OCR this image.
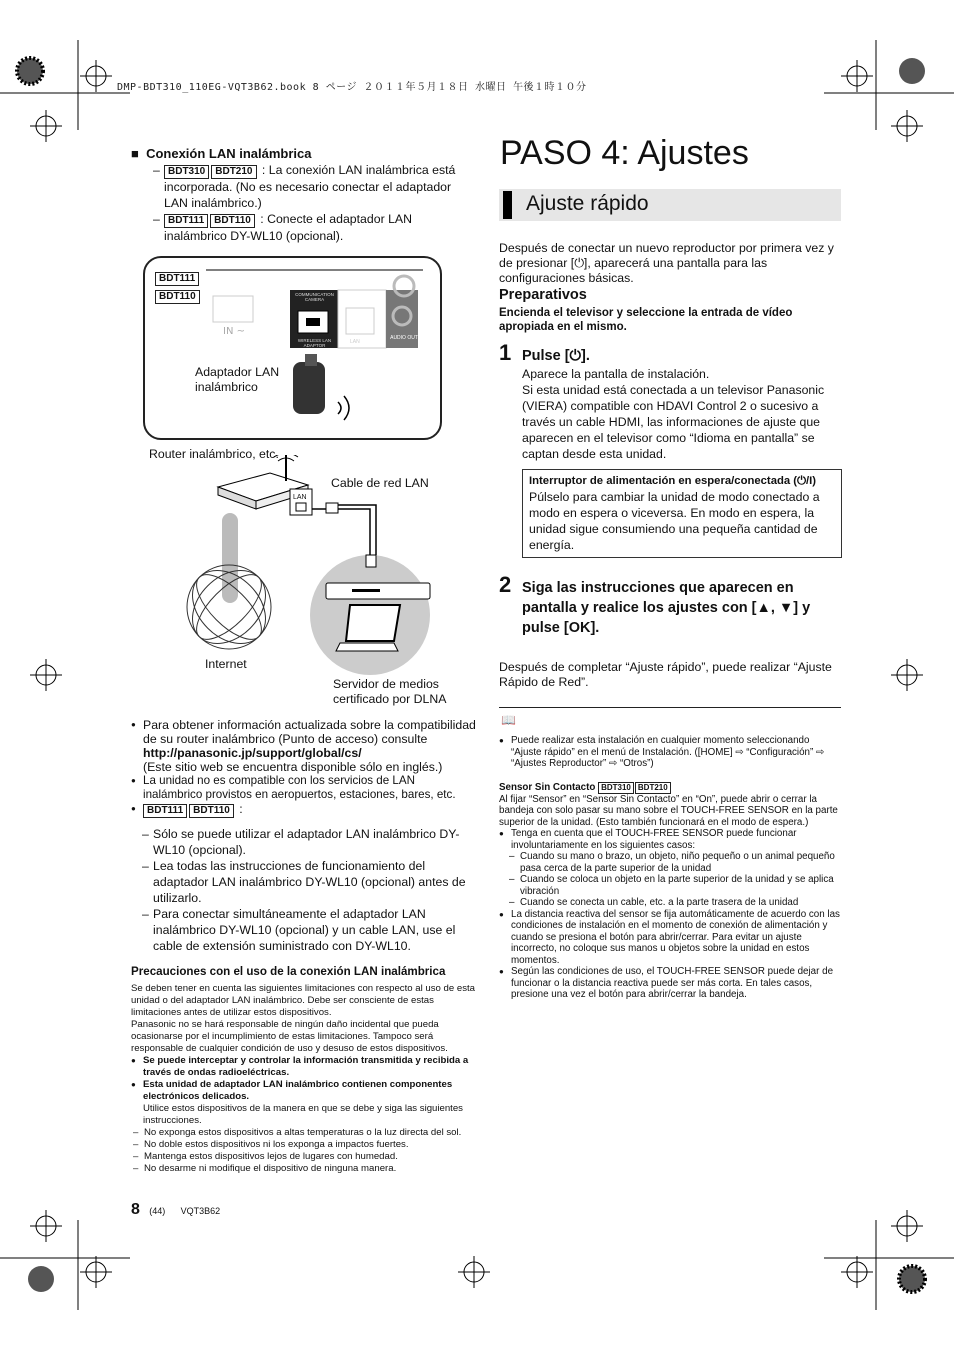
DMP-BDT310_110EG-VQT3B62.book 8 ページ ２０１１年５月１８日 水曜日 午後１時１０分

■  Conexión LAN inalámbrica

– BDT310 BDT210 : La conexión LAN inalámbrica está incorporada. (No es necesario conectar el adaptador LAN inalámbrico.)

– BDT111 BDT110 : Conecte el adaptador LAN inalámbrico DY-WL10 (opcional).

BDT111
BDT110
IN ~
COMMUNICATION CAMERA
WIRELESS LAN ADAPTOR
LAN
AUDIO OUT
Adaptador LAN inalámbrico
LAN
Router inalámbrico, etc.
Cable de red LAN
Internet
Servidor de medios certificado por DLNA

● Para obtener información actualizada sobre la compatibilidad de su router inalámbrico (Punto de acceso) consulte

http://panasonic.jp/support/global/cs/

(Este sitio web se encuentra disponible sólo en inglés.)

● La unidad no es compatible con los servicios de LAN inalámbrico provistos en aeropuertos, estaciones, bares, etc.

● BDT111 BDT110 :

– Sólo se puede utilizar el adaptador LAN inalámbrico DY-WL10 (opcional).

– Lea todas las instrucciones de funcionamiento del adaptador LAN inalámbrico DY-WL10 (opcional) antes de utilizarlo.

– Para conectar simultáneamente el adaptador LAN inalámbrico DY-WL10 (opcional) y un cable LAN, use el cable de extensión suministrado con DY-WL10.

Precauciones con el uso de la conexión LAN inalámbrica

Se deben tener en cuenta las siguientes limitaciones con respecto al uso de esta unidad o del adaptador LAN inalámbrico. Debe ser consciente de estas limitaciones antes de utilizar estos dispositivos.

Panasonic no se hará responsable de ningún daño incidental que pueda ocasionarse por el incumplimiento de estas limitaciones. Tampoco será responsable de cualquier condición de uso y desuso de estos dispositivos.

● Se puede interceptar y controlar la información transmitida y recibida a través de ondas radioeléctricas.

● Esta unidad de adaptador LAN inalámbrico contienen componentes electrónicos delicados.

Utilice estos dispositivos de la manera en que se debe y siga las siguientes instrucciones.

– No exponga estos dispositivos a altas temperaturas o la luz directa del sol.

– No doble estos dispositivos ni los exponga a impactos fuertes.

– Mantenga estos dispositivos lejos de lugares con humedad.

– No desarme ni modifique el dispositivo de ninguna manera.

8 (44) VQT3B62
PASO 4: Ajustes
Ajuste rápido
Después de conectar un nuevo reproductor por primera vez y de presionar [⏻], aparecerá una pantalla para las configuraciones básicas.
Preparativos
Encienda el televisor y seleccione la entrada de vídeo apropiada en el mismo.
1 Pulse [⏻].

Aparece la pantalla de instalación.

Si esta unidad está conectada a un televisor Panasonic (VIERA) compatible con HDAVI Control 2 o sucesivo a través un cable HDMI, las informaciones de ajuste que aparecen en el televisor como “Idioma en pantalla” se captan desde esta unidad.

Interruptor de alimentación en espera/conectada (⏻/I)

Púlselo para cambiar la unidad de modo conectado a modo en espera o viceversa. En modo en espera, la unidad sigue consumiendo una pequeña cantidad de energía.

2 Siga las instrucciones que aparecen en pantalla y realice los ajustes con [▲, ▼] y pulse [OK].
Después de completar “Ajuste rápido”, puede realizar “Ajuste Rápido de Red”.
📖

● Puede realizar esta instalación en cualquier momento seleccionando “Ajuste rápido” en el menú de Instalación. ([HOME] ⇨ “Configuración” ⇨ “Ajustes Reproductor” ⇨ “Otros”)

Sensor Sin Contacto BDT310 BDT210

Al fijar “Sensor” en “Sensor Sin Contacto” en “On”, puede abrir o cerrar la bandeja con solo pasar su mano sobre el TOUCH-FREE SENSOR en la parte superior de la unidad. (Esto también funcionará en el modo de espera.)

● Tenga en cuenta que el TOUCH-FREE SENSOR puede funcionar involuntariamente en los siguientes casos:

– Cuando su mano o brazo, un objeto, niño pequeño o un animal pequeño pasa cerca de la parte superior de la unidad

– Cuando se coloca un objeto en la parte superior de la unidad y se aplica vibración

– Cuando se conecta un cable, etc. a la parte trasera de la unidad

● La distancia reactiva del sensor se fija automáticamente de acuerdo con las condiciones de instalación en el momento de conexión de alimentación y cuando se presiona el botón para abrir/cerrar. Para evitar un ajuste incorrecto, no coloque sus manos u objetos sobre la unidad en estos momentos.

● Según las condiciones de uso, el TOUCH-FREE SENSOR puede dejar de funcionar o la distancia reactiva puede ser más corta. En tales casos, presione una vez el botón para abrir/cerrar la bandeja.
